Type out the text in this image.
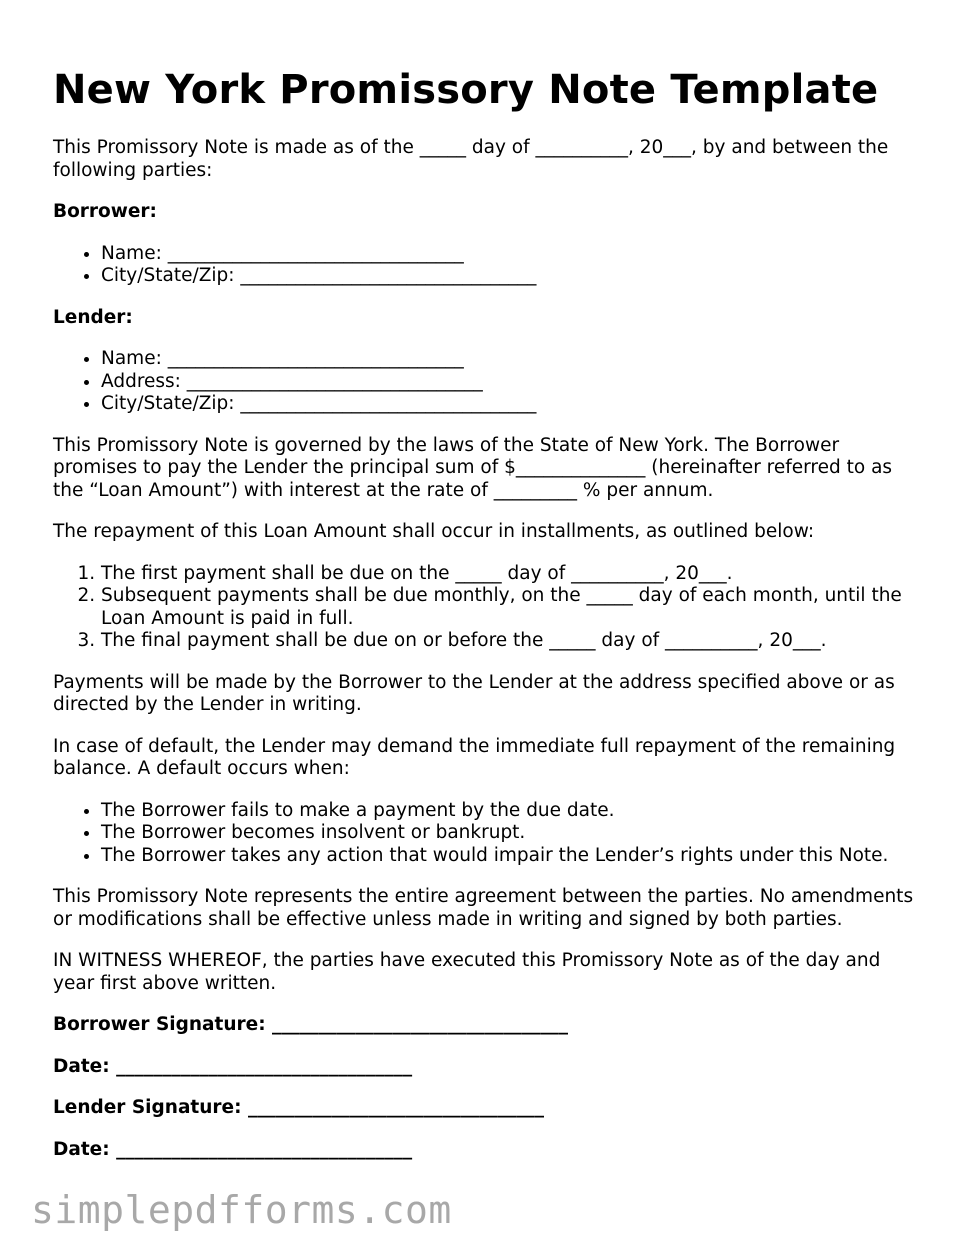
New York Promissory Note Template

This Promissory Note is made as of the _____ day of __________, 20___, by and between the following parties:

Borrower:

• Name: ________________________________
• City/State/Zip: ________________________________

Lender:

• Name: ________________________________
• Address: ________________________________
• City/State/Zip: ________________________________

This Promissory Note is governed by the laws of the State of New York. The Borrower promises to pay the Lender the principal sum of $______________ (hereinafter referred to as the “Loan Amount”) with interest at the rate of _________ % per annum.

The repayment of this Loan Amount shall occur in installments, as outlined below:

1. The first payment shall be due on the _____ day of __________, 20___.
2. Subsequent payments shall be due monthly, on the _____ day of each month, until the Loan Amount is paid in full.
3. The final payment shall be due on or before the _____ day of __________, 20___.

Payments will be made by the Borrower to the Lender at the address specified above or as directed by the Lender in writing.

In case of default, the Lender may demand the immediate full repayment of the remaining balance. A default occurs when:

• The Borrower fails to make a payment by the due date.
• The Borrower becomes insolvent or bankrupt.
• The Borrower takes any action that would impair the Lender’s rights under this Note.

This Promissory Note represents the entire agreement between the parties. No amendments or modifications shall be effective unless made in writing and signed by both parties.

IN WITNESS WHEREOF, the parties have executed this Promissory Note as of the day and year first above written.

Borrower Signature: ________________________________

Date: ________________________________

Lender Signature: ________________________________

Date: ________________________________

simplepdfforms.com
